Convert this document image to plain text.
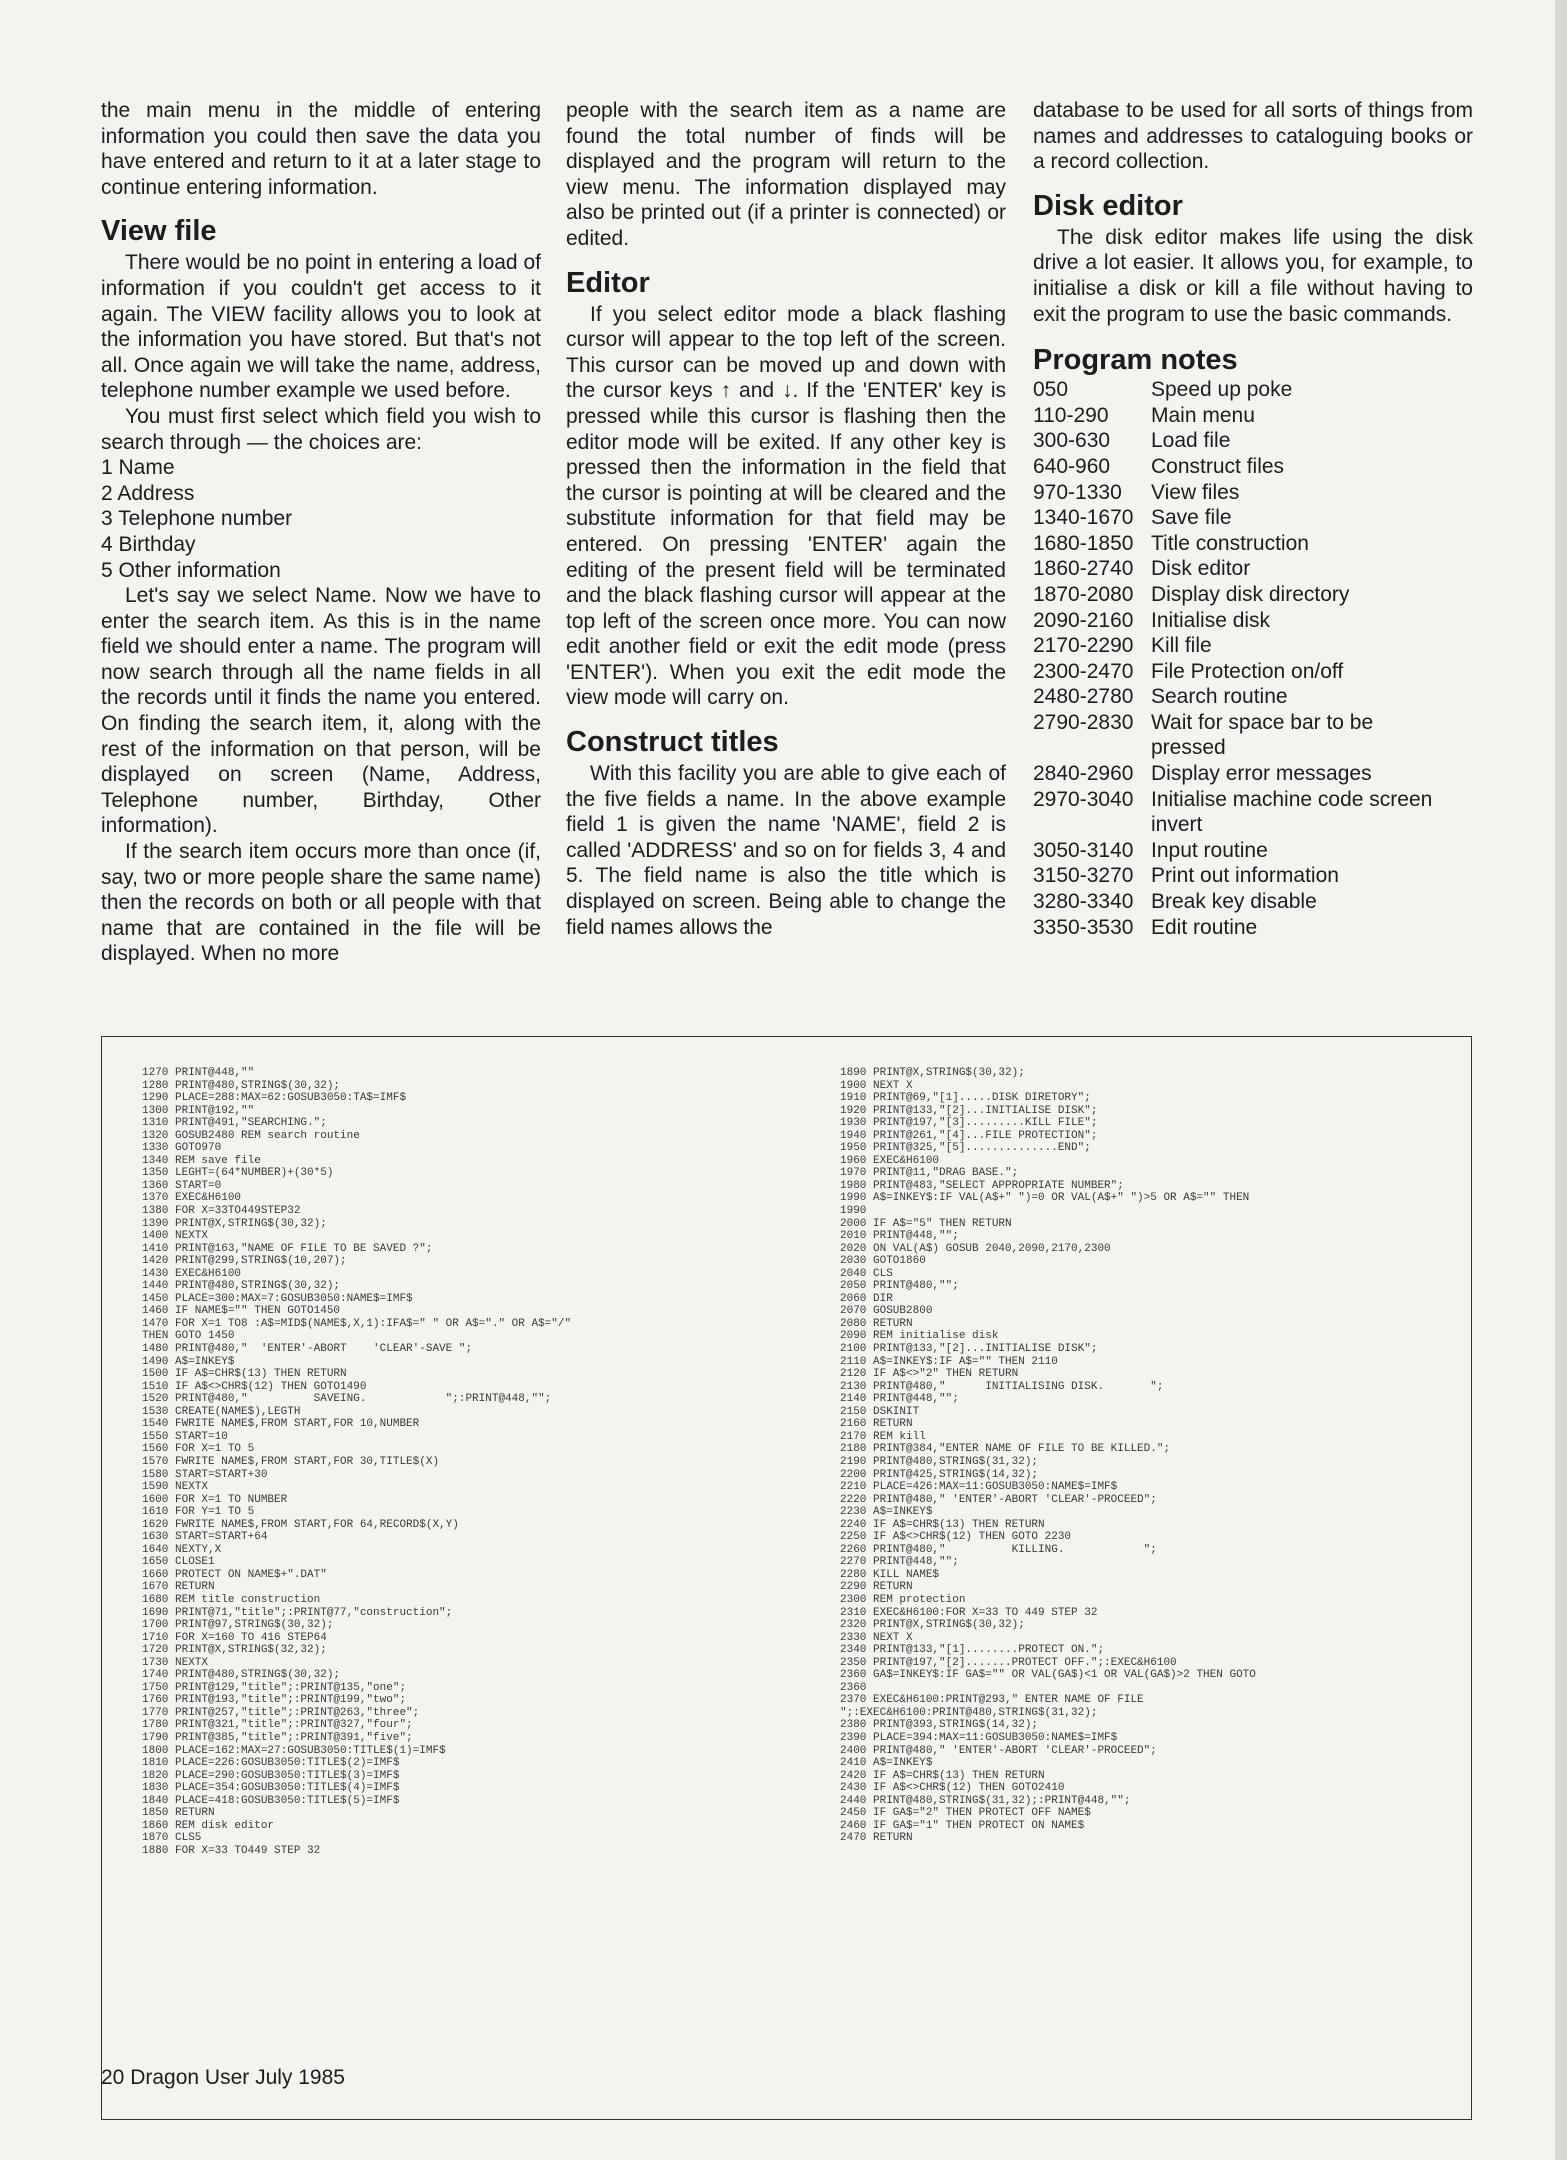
the main menu in the middle of entering information you could then save the data you have entered and return to it at a later stage to continue entering information.

View file

There would be no point in entering a load of information if you couldn't get access to it again. The VIEW facility allows you to look at the information you have stored. But that's not all. Once again we will take the name, address, telephone number example we used before.

You must first select which field you wish to search through — the choices are:

1 Name
2 Address
3 Telephone number
4 Birthday
5 Other information

Let's say we select Name. Now we have to enter the search item. As this is in the name field we should enter a name. The program will now search through all the name fields in all the records until it finds the name you entered. On finding the search item, it, along with the rest of the information on that person, will be displayed on screen (Name, Address, Telephone number, Birthday, Other information).

If the search item occurs more than once (if, say, two or more people share the same name) then the records on both or all people with that name that are contained in the file will be displayed. When no more

people with the search item as a name are found the total number of finds will be displayed and the program will return to the view menu. The information displayed may also be printed out (if a printer is connected) or edited.

Editor

If you select editor mode a black flashing cursor will appear to the top left of the screen. This cursor can be moved up and down with the cursor keys ↑ and ↓. If the 'ENTER' key is pressed while this cursor is flashing then the editor mode will be exited. If any other key is pressed then the information in the field that the cursor is pointing at will be cleared and the substitute information for that field may be entered. On pressing 'ENTER' again the editing of the present field will be terminated and the black flashing cursor will appear at the top left of the screen once more. You can now edit another field or exit the edit mode (press 'ENTER'). When you exit the edit mode the view mode will carry on.

Construct titles

With this facility you are able to give each of the five fields a name. In the above example field 1 is given the name 'NAME', field 2 is called 'ADDRESS' and so on for fields 3, 4 and 5. The field name is also the title which is displayed on screen. Being able to change the field names allows the

database to be used for all sorts of things from names and addresses to cataloguing books or a record collection.

Disk editor

The disk editor makes life using the disk drive a lot easier. It allows you, for example, to initialise a disk or kill a file without having to exit the program to use the basic commands.

Program notes
050	Speed up poke
110-290	Main menu
300-630	Load file
640-960	Construct files
970-1330	View files
1340-1670 Save file
1680-1850 Title construction
1860-2740 Disk editor
1870-2080 Display disk directory
2090-2160 Initialise disk
2170-2290 Kill file
2300-2470 File Protection on/off
2480-2780 Search routine
2790-2830 Wait for space bar to be pressed
2840-2960 Display error messages
2970-3040 Initialise machine code screen invert
3050-3140 Input routine
3150-3270 Print out information
3280-3340 Break key disable
3350-3530 Edit routine
1270 PRINT@448,""
1280 PRINT@480,STRING$(30,32);
1290 PLACE=288:MAX=62:GOSUB3050:TA$=IMF$
1300 PRINT@192,""
1310 PRINT@491,"SEARCHING.";
1320 GOSUB2480 REM search routine
1330 GOTO970
1340 REM save file
1350 LEGHT=(64*NUMBER)+(30*5)
1360 START=0
1370 EXEC&H6100
1380 FOR X=33TO449STEP32
1390 PRINT@X,STRING$(30,32);
1400 NEXTX
1410 PRINT@163,"NAME OF FILE TO BE SAVED ?";
1420 PRINT@299,STRING$(10,207);
1430 EXEC&H6100
1440 PRINT@480,STRING$(30,32);
1450 PLACE=300:MAX=7:GOSUB3050:NAME$=IMF$
1460 IF NAME$="" THEN GOTO1450
1470 FOR X=1 TO8 :A$=MID$(NAME$,X,1):IFA$=" " OR A$="." OR A$="/"
THEN GOTO 1450
1480 PRINT@480,"  'ENTER'-ABORT    'CLEAR'-SAVE ";
1490 A$=INKEY$
1500 IF A$=CHR$(13) THEN RETURN
1510 IF A$<>CHR$(12) THEN GOTO1490
1520 PRINT@480,"          SAVEING.            ";:PRINT@448,"";
1530 CREATE(NAME$),LEGTH
1540 FWRITE NAME$,FROM START,FOR 10,NUMBER
1550 START=10
1560 FOR X=1 TO 5
1570 FWRITE NAME$,FROM START,FOR 30,TITLE$(X)
1580 START=START+30
1590 NEXTX
1600 FOR X=1 TO NUMBER
1610 FOR Y=1 TO 5
1620 FWRITE NAME$,FROM START,FOR 64,RECORD$(X,Y)
1630 START=START+64
1640 NEXTY,X
1650 CLOSE1
1660 PROTECT ON NAME$+".DAT"
1670 RETURN
1680 REM title construction
1690 PRINT@71,"title";:PRINT@77,"construction";
1700 PRINT@97,STRING$(30,32);
1710 FOR X=160 TO 416 STEP64
1720 PRINT@X,STRING$(32,32);
1730 NEXTX
1740 PRINT@480,STRING$(30,32);
1750 PRINT@129,"title";:PRINT@135,"one";
1760 PRINT@193,"title";:PRINT@199,"two";
1770 PRINT@257,"title";:PRINT@263,"three";
1780 PRINT@321,"title";:PRINT@327,"four";
1790 PRINT@385,"title";:PRINT@391,"five";
1800 PLACE=162:MAX=27:GOSUB3050:TITLE$(1)=IMF$
1810 PLACE=226:GOSUB3050:TITLE$(2)=IMF$
1820 PLACE=290:GOSUB3050:TITLE$(3)=IMF$
1830 PLACE=354:GOSUB3050:TITLE$(4)=IMF$
1840 PLACE=418:GOSUB3050:TITLE$(5)=IMF$
1850 RETURN
1860 REM disk editor
1870 CLS5
1880 FOR X=33 TO449 STEP 32
1890 PRINT@X,STRING$(30,32);
1900 NEXT X
1910 PRINT@69,"[1].....DISK DIRETORY";
1920 PRINT@133,"[2]...INITIALISE DISK";
1930 PRINT@197,"[3].........KILL FILE";
1940 PRINT@261,"[4]...FILE PROTECTION";
1950 PRINT@325,"[5]..............END";
1960 EXEC&H6100
1970 PRINT@11,"DRAG BASE.";
1980 PRINT@483,"SELECT APPROPRIATE NUMBER";
1990 A$=INKEY$:IF VAL(A$+" ")=0 OR VAL(A$+" ")>5 OR A$="" THEN
1990
2000 IF A$="5" THEN RETURN
2010 PRINT@448,"";
2020 ON VAL(A$) GOSUB 2040,2090,2170,2300
2030 GOTO1860
2040 CLS
2050 PRINT@480,"";
2060 DIR
2070 GOSUB2800
2080 RETURN
2090 REM initialise disk
2100 PRINT@133,"[2]...INITIALISE DISK";
2110 A$=INKEY$:IF A$="" THEN 2110
2120 IF A$<>"2" THEN RETURN
2130 PRINT@480,"      INITIALISING DISK.       ";
2140 PRINT@448,"";
2150 DSKINIT
2160 RETURN
2170 REM kill
2180 PRINT@384,"ENTER NAME OF FILE TO BE KILLED.";
2190 PRINT@480,STRING$(31,32);
2200 PRINT@425,STRING$(14,32);
2210 PLACE=426:MAX=11:GOSUB3050:NAME$=IMF$
2220 PRINT@480," 'ENTER'-ABORT 'CLEAR'-PROCEED";
2230 A$=INKEY$
2240 IF A$=CHR$(13) THEN RETURN
2250 IF A$<>CHR$(12) THEN GOTO 2230
2260 PRINT@480,"          KILLING.            ";
2270 PRINT@448,"";
2280 KILL NAME$
2290 RETURN
2300 REM protection
2310 EXEC&H6100:FOR X=33 TO 449 STEP 32
2320 PRINT@X,STRING$(30,32);
2330 NEXT X
2340 PRINT@133,"[1]........PROTECT ON.";
2350 PRINT@197,"[2].......PROTECT OFF.";:EXEC&H6100
2360 GA$=INKEY$:IF GA$="" OR VAL(GA$)<1 OR VAL(GA$)>2 THEN GOTO
2360
2370 EXEC&H6100:PRINT@293," ENTER NAME OF FILE
";:EXEC&H6100:PRINT@480,STRING$(31,32);
2380 PRINT@393,STRING$(14,32);
2390 PLACE=394:MAX=11:GOSUB3050:NAME$=IMF$
2400 PRINT@480," 'ENTER'-ABORT 'CLEAR'-PROCEED";
2410 A$=INKEY$
2420 IF A$=CHR$(13) THEN RETURN
2430 IF A$<>CHR$(12) THEN GOTO2410
2440 PRINT@480,STRING$(31,32);:PRINT@448,"";
2450 IF GA$="2" THEN PROTECT OFF NAME$
2460 IF GA$="1" THEN PROTECT ON NAME$
2470 RETURN
20 Dragon User July 1985
